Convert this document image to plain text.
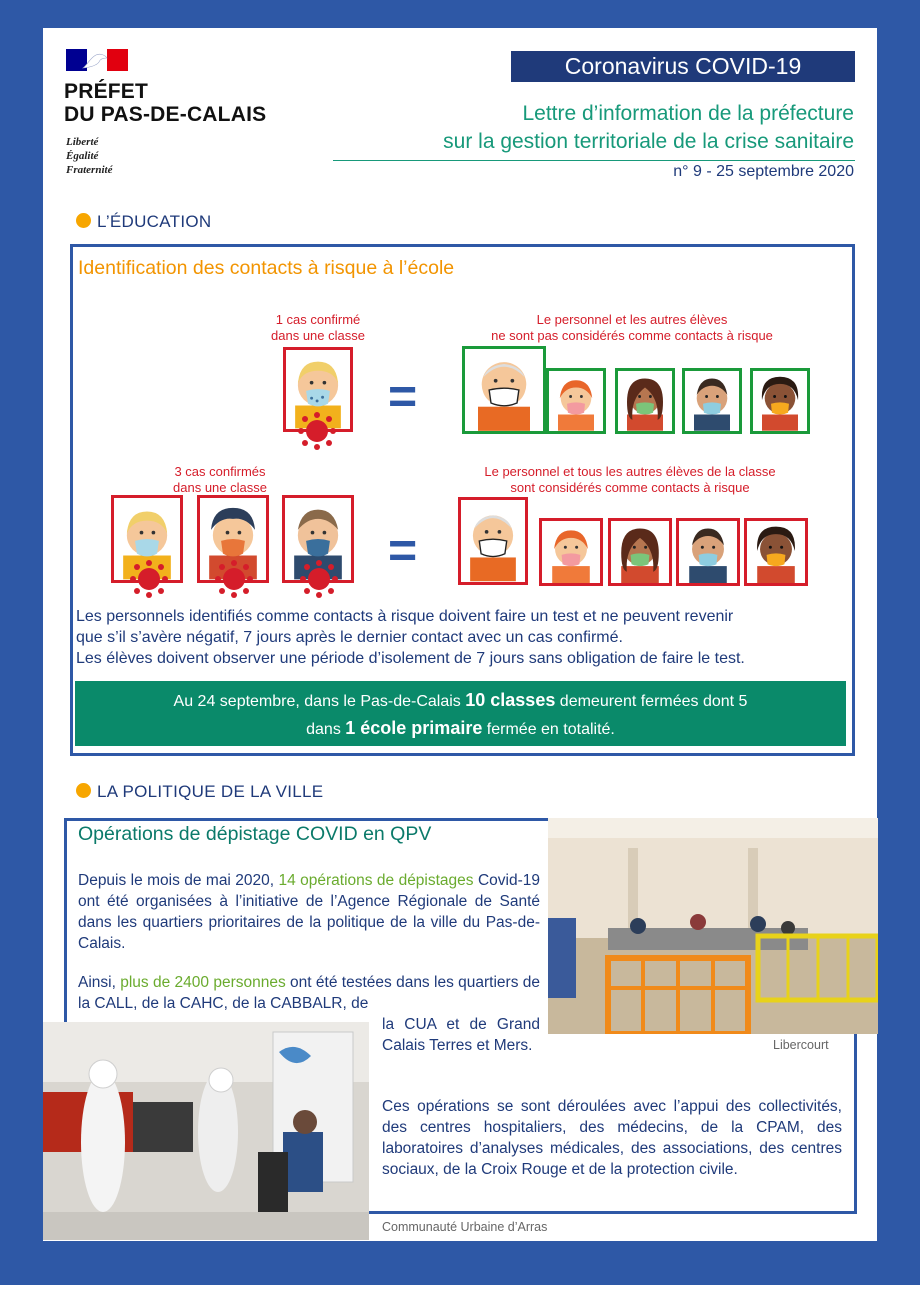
PRÉFET
DU PAS-DE-CALAIS
Liberté
Égalité
Fraternité
Coronavirus COVID-19
Lettre d’information de la préfecture
sur la gestion territoriale de la crise sanitaire
n° 9 - 25 septembre 2020
L’ÉDUCATION
Identification des contacts à risque à l’école
1 cas confirmé
dans une classe
Le personnel et les autres élèves
ne sont pas considérés comme contacts à risque
=
3 cas confirmés
dans une classe
Le personnel et tous les autres élèves de la classe
sont considérés comme contacts à risque
=
Les personnels identifiés comme contacts à risque doivent faire un test et ne peuvent revenir
que s’il s’avère négatif, 7 jours après le dernier contact avec un cas confirmé.
Les élèves doivent observer une période d’isolement de 7 jours sans obligation de faire le test.
Au 24 septembre, dans le Pas-de-Calais 10 classes demeurent fermées dont 5
dans 1 école primaire fermée en totalité.
LA POLITIQUE DE LA VILLE
Opérations de dépistage COVID en QPV
Depuis le mois de mai 2020, 14 opérations de dépistages Covid-19 ont été organisées à l’initiative de l’Agence Régionale de Santé dans les quartiers prioritaires de la politique de la ville du Pas-de-Calais.
Ainsi, plus de 2400 personnes ont été testées dans les quartiers de la CALL, de la CAHC, de la CABBALR, de
la CUA et de Grand Calais Terres et Mers.
Ces opérations se sont déroulées avec l’appui des collectivités, des centres hospitaliers, des médecins, de la CPAM, des laboratoires d’analyses médicales, des associations, des centres sociaux, de la Croix Rouge et de la protection civile.
Libercourt
Communauté Urbaine d’Arras
